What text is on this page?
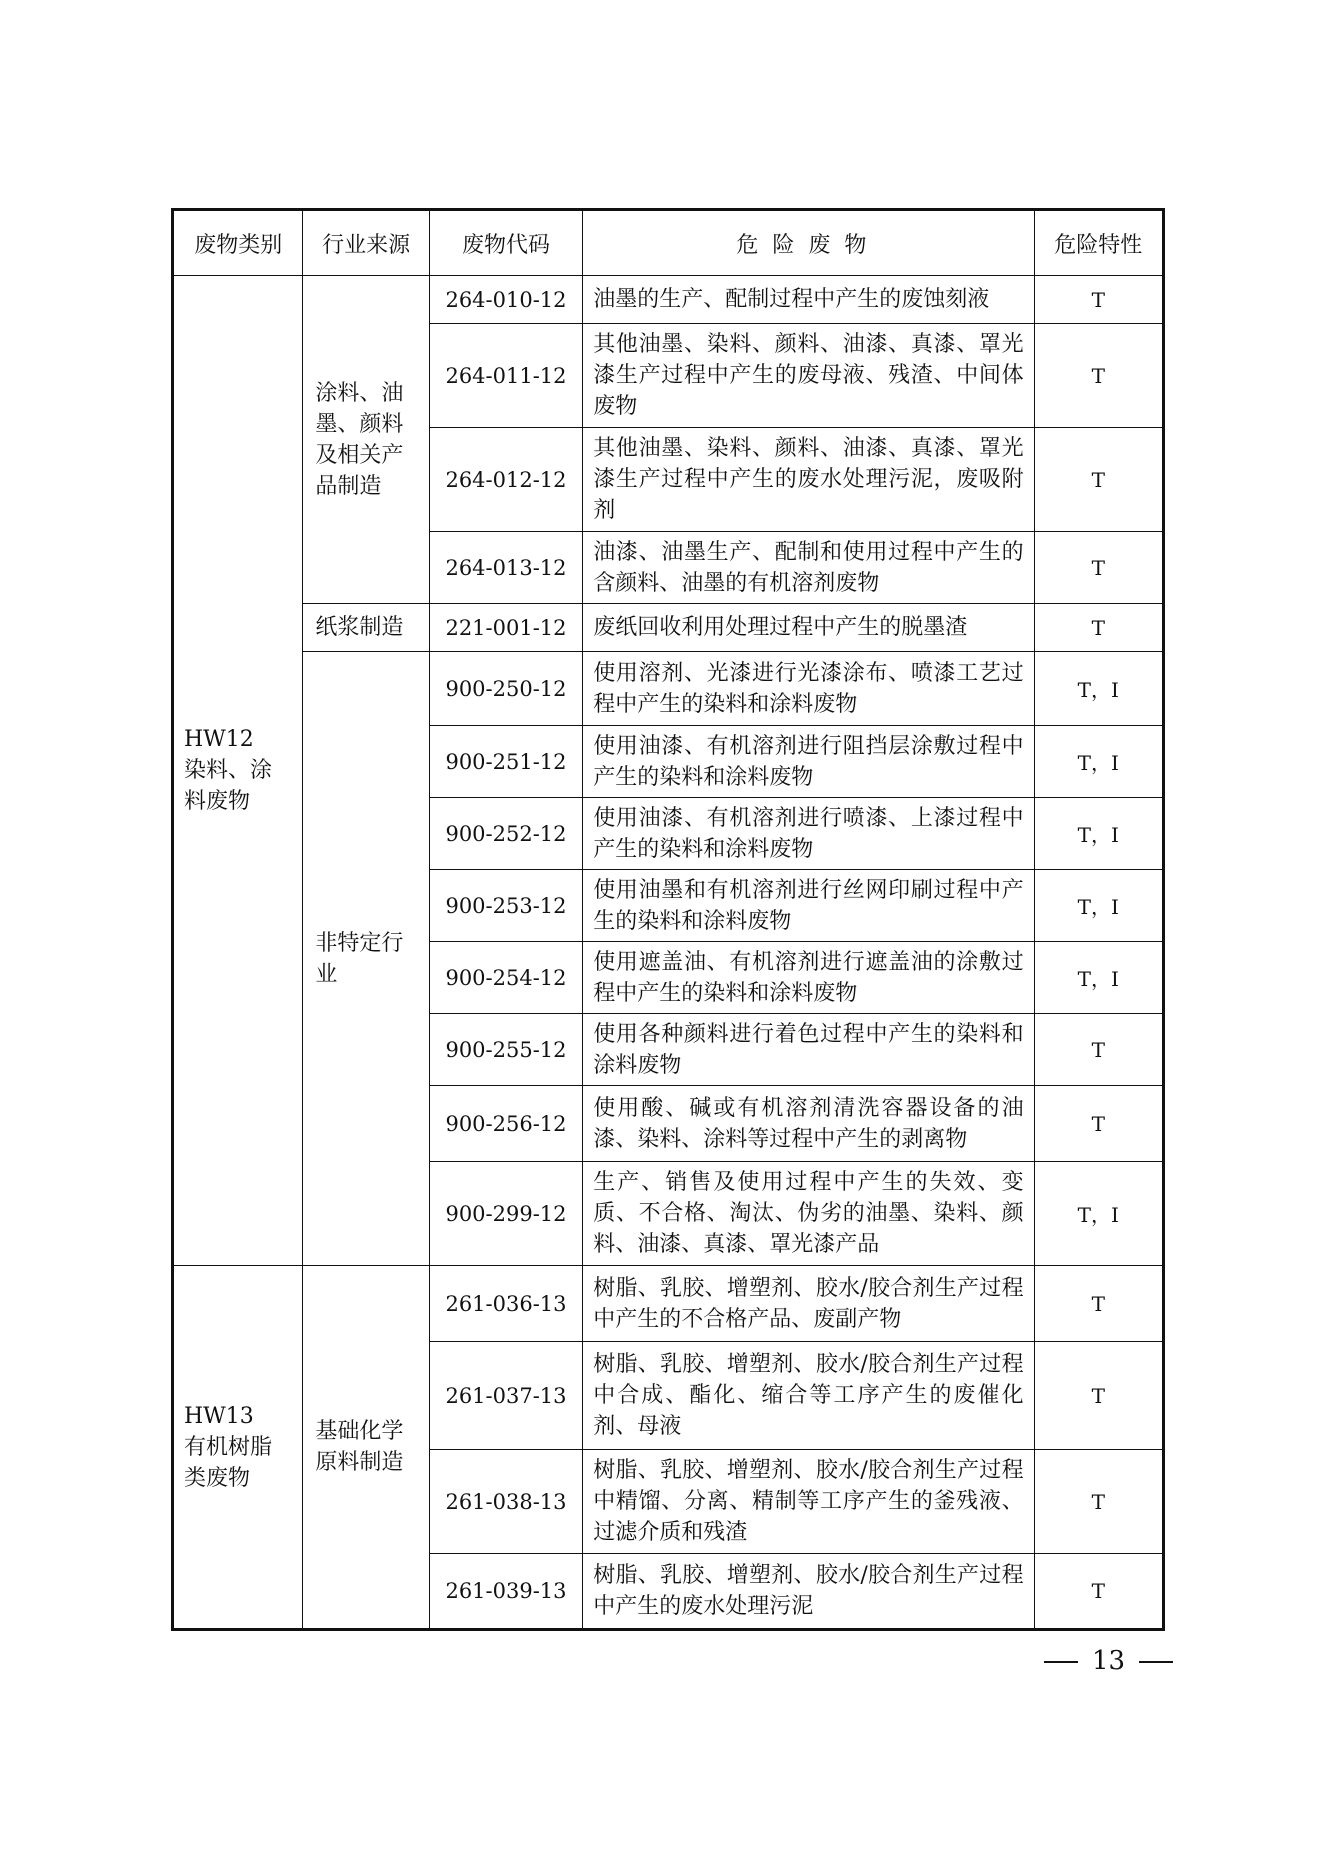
废物类别	行业来源	废物代码	危险废物	危险特性

HW12
染料、涂料废物	涂料、油墨、颜料及相关产品制造	264-010-12	油墨的生产、配制过程中产生的废蚀刻液	T
		264-011-12	其他油墨、染料、颜料、油漆、真漆、罩光漆生产过程中产生的废母液、残渣、中间体废物	T
		264-012-12	其他油墨、染料、颜料、油漆、真漆、罩光漆生产过程中产生的废水处理污泥，废吸附剂	T
		264-013-12	油漆、油墨生产、配制和使用过程中产生的含颜料、油墨的有机溶剂废物	T
	纸浆制造	221-001-12	废纸回收利用处理过程中产生的脱墨渣	T
	非特定行业	900-250-12	使用溶剂、光漆进行光漆涂布、喷漆工艺过程中产生的染料和涂料废物	T，I
		900-251-12	使用油漆、有机溶剂进行阻挡层涂敷过程中产生的染料和涂料废物	T，I
		900-252-12	使用油漆、有机溶剂进行喷漆、上漆过程中产生的染料和涂料废物	T，I
		900-253-12	使用油墨和有机溶剂进行丝网印刷过程中产生的染料和涂料废物	T，I
		900-254-12	使用遮盖油、有机溶剂进行遮盖油的涂敷过程中产生的染料和涂料废物	T，I
		900-255-12	使用各种颜料进行着色过程中产生的染料和涂料废物	T
		900-256-12	使用酸、碱或有机溶剂清洗容器设备的油漆、染料、涂料等过程中产生的剥离物	T
		900-299-12	生产、销售及使用过程中产生的失效、变质、不合格、淘汰、伪劣的油墨、染料、颜料、油漆、真漆、罩光漆产品	T，I

HW13
有机树脂类废物	基础化学原料制造	261-036-13	树脂、乳胶、增塑剂、胶水/胶合剂生产过程中产生的不合格产品、废副产物	T
		261-037-13	树脂、乳胶、增塑剂、胶水/胶合剂生产过程中合成、酯化、缩合等工序产生的废催化剂、母液	T
		261-038-13	树脂、乳胶、增塑剂、胶水/胶合剂生产过程中精馏、分离、精制等工序产生的釜残液、过滤介质和残渣	T
		261-039-13	树脂、乳胶、增塑剂、胶水/胶合剂生产过程中产生的废水处理污泥	T
13
